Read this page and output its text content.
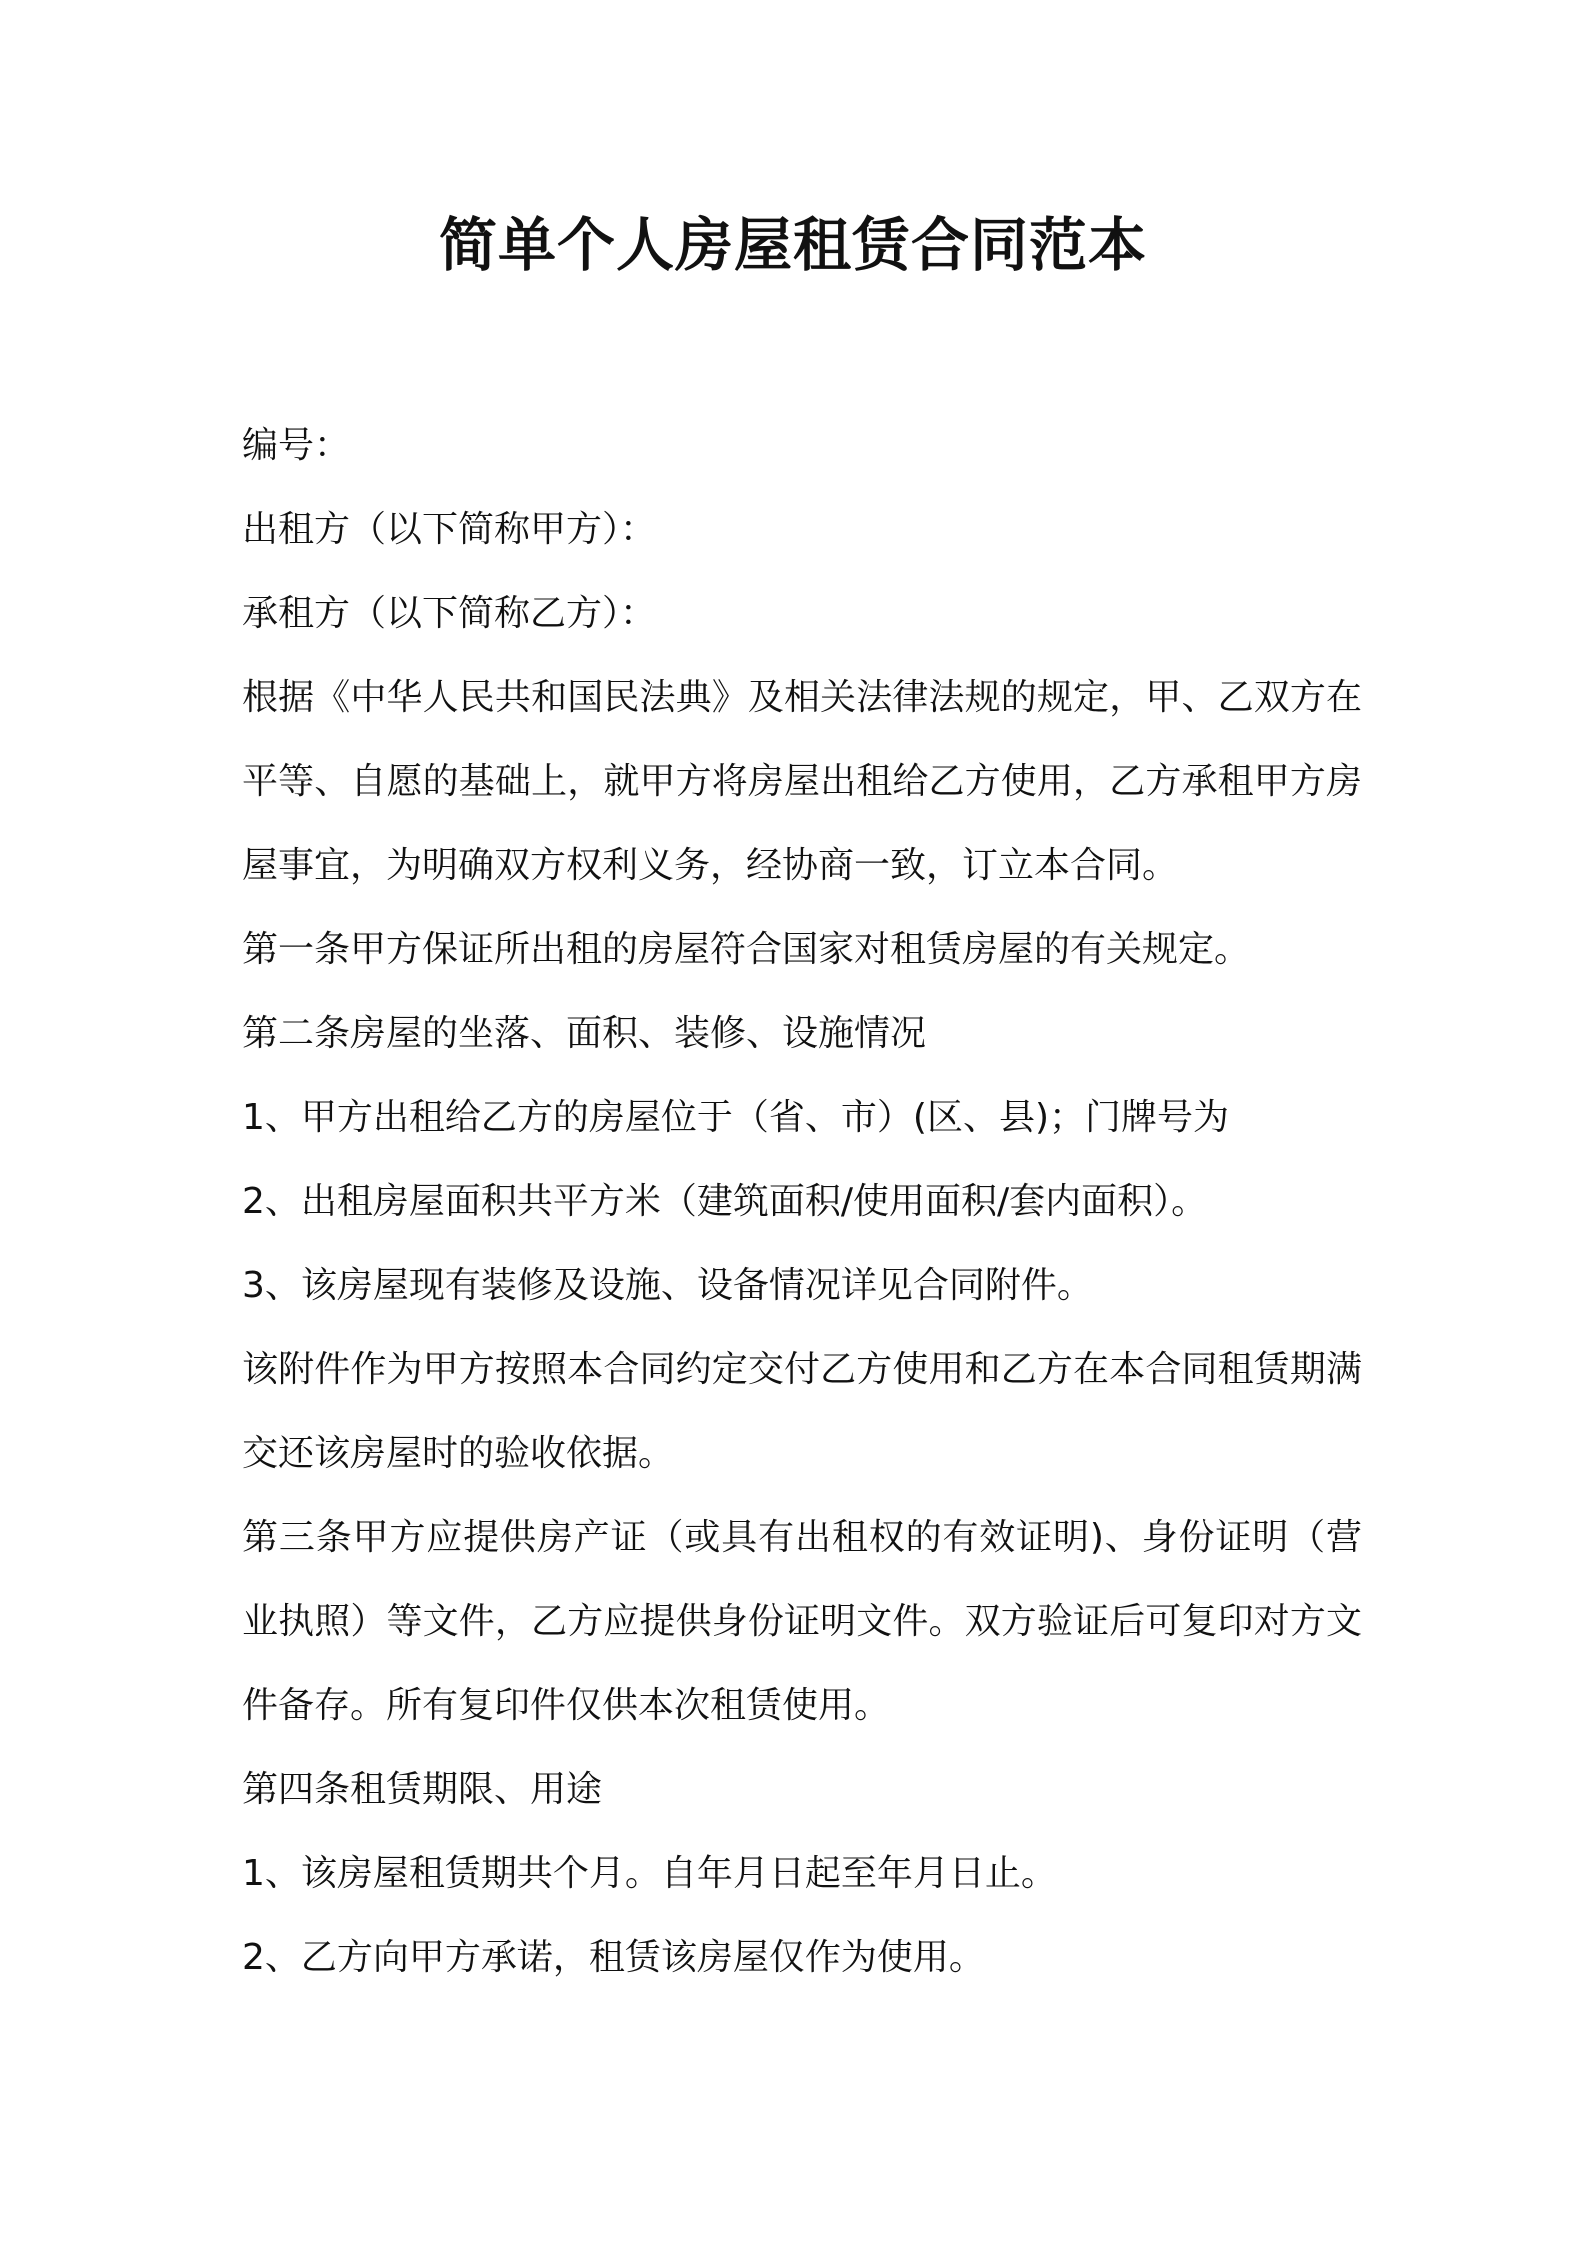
简单个人房屋租赁合同范本

编号：

出租方（以下简称甲方）：

承租方（以下简称乙方）：

根据《中华人民共和国民法典》及相关法律法规的规定，甲、乙双方在平等、自愿的基础上，就甲方将房屋出租给乙方使用，乙方承租甲方房屋事宜，为明确双方权利义务，经协商一致，订立本合同。

第一条甲方保证所出租的房屋符合国家对租赁房屋的有关规定。

第二条房屋的坐落、面积、装修、设施情况

1、甲方出租给乙方的房屋位于（省、市）(区、县)；门牌号为

2、出租房屋面积共平方米（建筑面积/使用面积/套内面积）。

3、该房屋现有装修及设施、设备情况详见合同附件。

该附件作为甲方按照本合同约定交付乙方使用和乙方在本合同租赁期满交还该房屋时的验收依据。

第三条甲方应提供房产证（或具有出租权的有效证明)、身份证明（营业执照）等文件，乙方应提供身份证明文件。双方验证后可复印对方文件备存。所有复印件仅供本次租赁使用。

第四条租赁期限、用途

1、该房屋租赁期共个月。自年月日起至年月日止。

2、乙方向甲方承诺，租赁该房屋仅作为使用。
